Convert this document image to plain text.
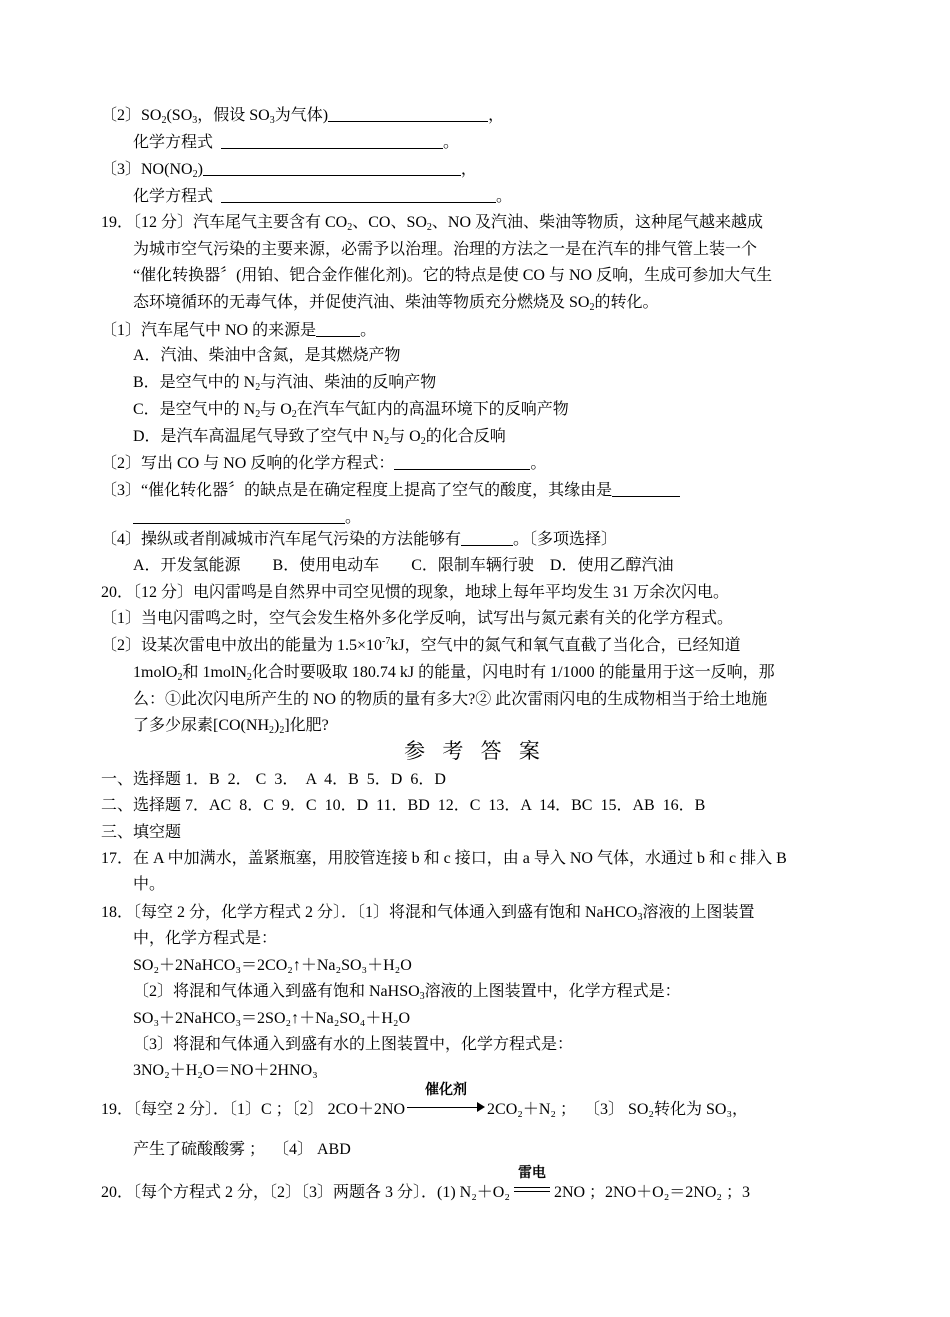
〔2〕$SO_2(SO_3$，假设 $SO_3$为气体)	，
化学方程式	。
〔3〕$NO(NO_2)$	，
化学方程式	。
19．〔12 分〕汽车尾气主要含有 $CO_2$、CO、$SO_2$、NO 及汽油、柴油等物质，这种尾气越来越成
为城市空气污染的主要来源，必需予以治理。治理的方法之一是在汽车的排气管上装一个
“催化转换器〞(用铂、钯合金作催化剂)。它的特点是使 CO 与 NO 反响，生成可参加大气生
态环境循环的无毒气体，并促使汽油、柴油等物质充分燃烧及 $SO_2$的转化。
〔1〕汽车尾气中 NO 的来源是	。
A．汽油、柴油中含氮，是其燃烧产物
B．是空气中的 $N_2$与汽油、柴油的反响产物
C．是空气中的 $N_2$与 $O_2$在汽车气缸内的高温环境下的反响产物
D．是汽车高温尾气导致了空气中 $N_2$与 $O_2$的化合反响
〔2〕写出 CO 与 NO 反响的化学方程式：	。
〔3〕“催化转化器〞的缺点是在确定程度上提高了空气的酸度，其缘由是
。
〔4〕操纵或者削减城市汽车尾气污染的方法能够有	。〔多项选择〕
A．开发氢能源        B．使用电动车        C．限制车辆行驶    D．使用乙醇汽油
20．〔12 分〕电闪雷鸣是自然界中司空见惯的现象，地球上每年平均发生 31 万余次闪电。
〔1〕当电闪雷鸣之时，空气会发生格外多化学反响，试写出与氮元素有关的化学方程式。
〔2〕设某次雷电中放出的能量为 $1.5\times 10^{-7}kJ$，空气中的氮气和氧气直截了当化合，已经知道
1molO$_2$和 1molN$_2$化合时要吸取 180.74 kJ 的能量，闪电时有 1/1000 的能量用于这一反响，那
么：①此次闪电所产生的 NO 的物质的量有多大?② 此次雷雨闪电的生成物相当于给土地施
了多少尿素$[CO(NH_2)_2]$化肥?
参 考 答 案
一、选择题 1．B  2． C  3．  A  4．B  5．D  6．D
二、选择题 7．AC  8．C  9．C  10．D  11．BD  12．C  13．A  14．BC  15．AB  16．B
三、填空题
17．在 A 中加满水，盖紧瓶塞，用胶管连接 b 和 c 接口，由 a 导入 NO 气体，水通过 b 和 c 排入 B
中。
18．〔每空 2 分，化学方程式 2 分〕．〔1〕将混和气体通入到盛有饱和 NaHCO$_3$溶液的上图装置
中，化学方程式是：
SO₂＋2NaHCO₃＝2CO₂↑＋Na₂SO₃＋H₂O
〔2〕将混和气体通入到盛有饱和 NaHSO$_3$溶液的上图装置中，化学方程式是：
SO₃＋2NaHCO₃＝2SO₂↑＋Na₂SO₄＋H₂O
〔3〕将混和气体通入到盛有水的上图装置中，化学方程式是：
3NO₂＋H₂O＝NO＋2HNO₃
19．〔每空 2 分〕．〔1〕C ；〔2〕 2CO＋2NO
催化剂
2CO₂＋N₂ ；  〔3〕 SO₂转化为 SO₃，
产生了硫酸酸雾 ；  〔4〕 ABD
20．〔每个方程式 2 分，〔2〕〔3〕两题各 3 分〕．(1) N₂＋O₂
雷电
2NO ；2NO＋O₂＝2NO₂ ；3
